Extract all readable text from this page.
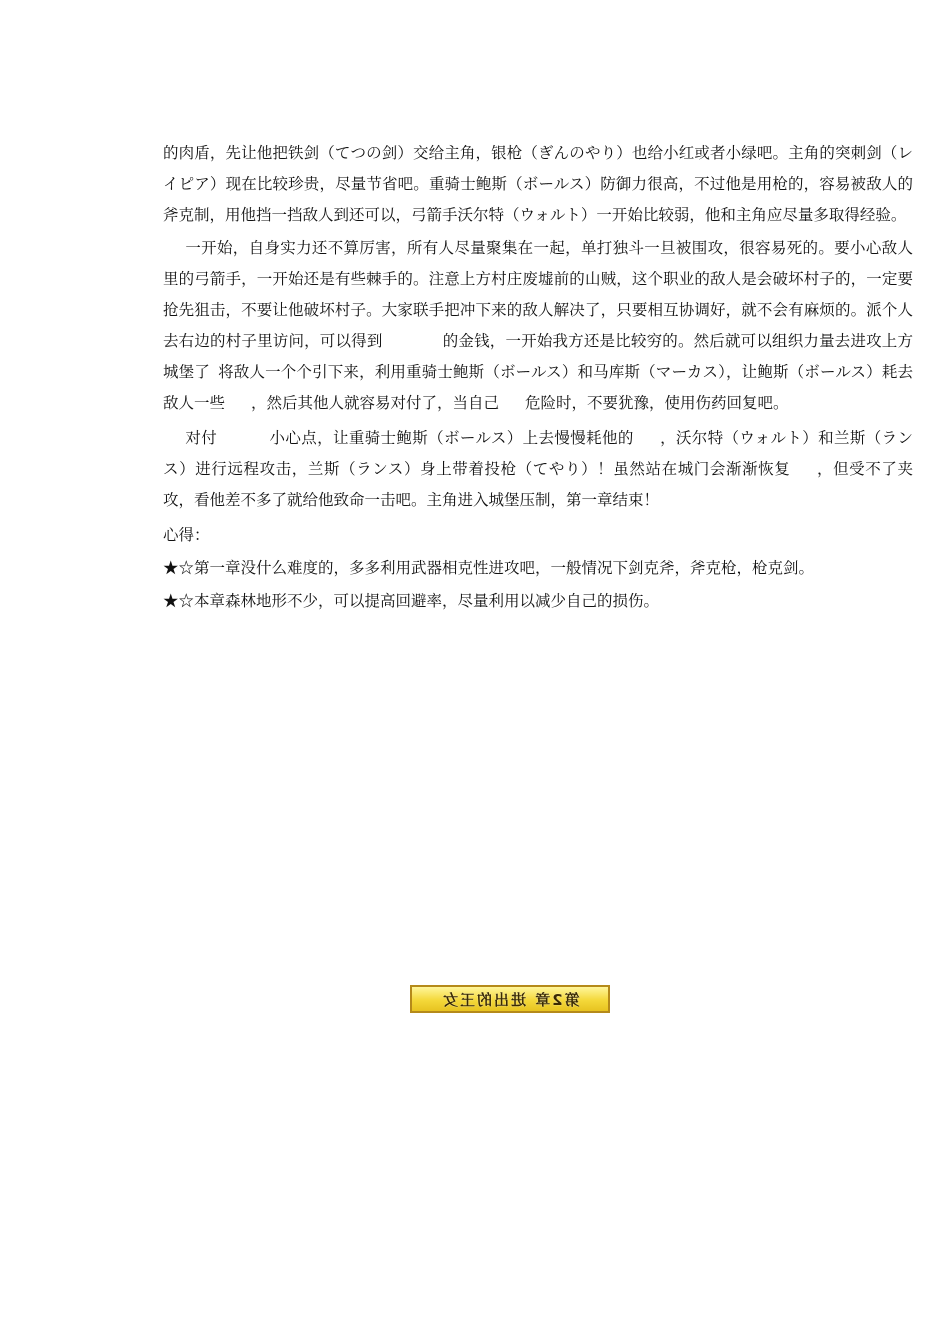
的肉盾，先让他把铁剑（てつの剑）交给主角，银枪（ぎんのやり）也给小红或者小绿吧。主角的突刺剑（レイピア）现在比较珍贵，尽量节省吧。重骑士鲍斯（ボールス）防御力很高，不过他是用枪的，容易被敌人的斧克制，用他挡一挡敌人到还可以，弓箭手沃尔特（ウォルト）一开始比较弱，他和主角应尽量多取得经验。

一开始，自身实力还不算厉害，所有人尽量聚集在一起，单打独斗一旦被围攻，很容易死的。要小心敌人里的弓箭手，一开始还是有些棘手的。注意上方村庄废墟前的山贼，这个职业的敌人是会破坏村子的，一定要抢先狙击，不要让他破坏村子。大家联手把冲下来的敌人解决了，只要相互协调好，就不会有麻烦的。派个人去右边的村子里访问，可以得到	的金钱，一开始我方还是比较穷的。然后就可以组织力量去进攻上方城堡了 将敌人一个个引下来，利用重骑士鲍斯（ボールス）和马库斯（マーカス），让鲍斯（ボールス）耗去敌人一些 ，然后其他人就容易对付了，当自己 危险时，不要犹豫，使用伤药回复吧。

对付	小心点，让重骑士鲍斯（ボールス）上去慢慢耗他的 ，沃尔特（ウォルト）和兰斯（ランス）进行远程攻击，兰斯（ランス）身上带着投枪（てやり）！虽然站在城门会渐渐恢复 ，但受不了夹攻，看他差不多了就给他致命一击吧。主角进入城堡压制，第一章结束！

心得：

★☆第一章没什么难度的，多多利用武器相克性进攻吧，一般情况下剑克斧，斧克枪，枪克剑。

★☆本章森林地形不少，可以提高回避率，尽量利用以减少自己的损伤。

第2章 进出的王女
